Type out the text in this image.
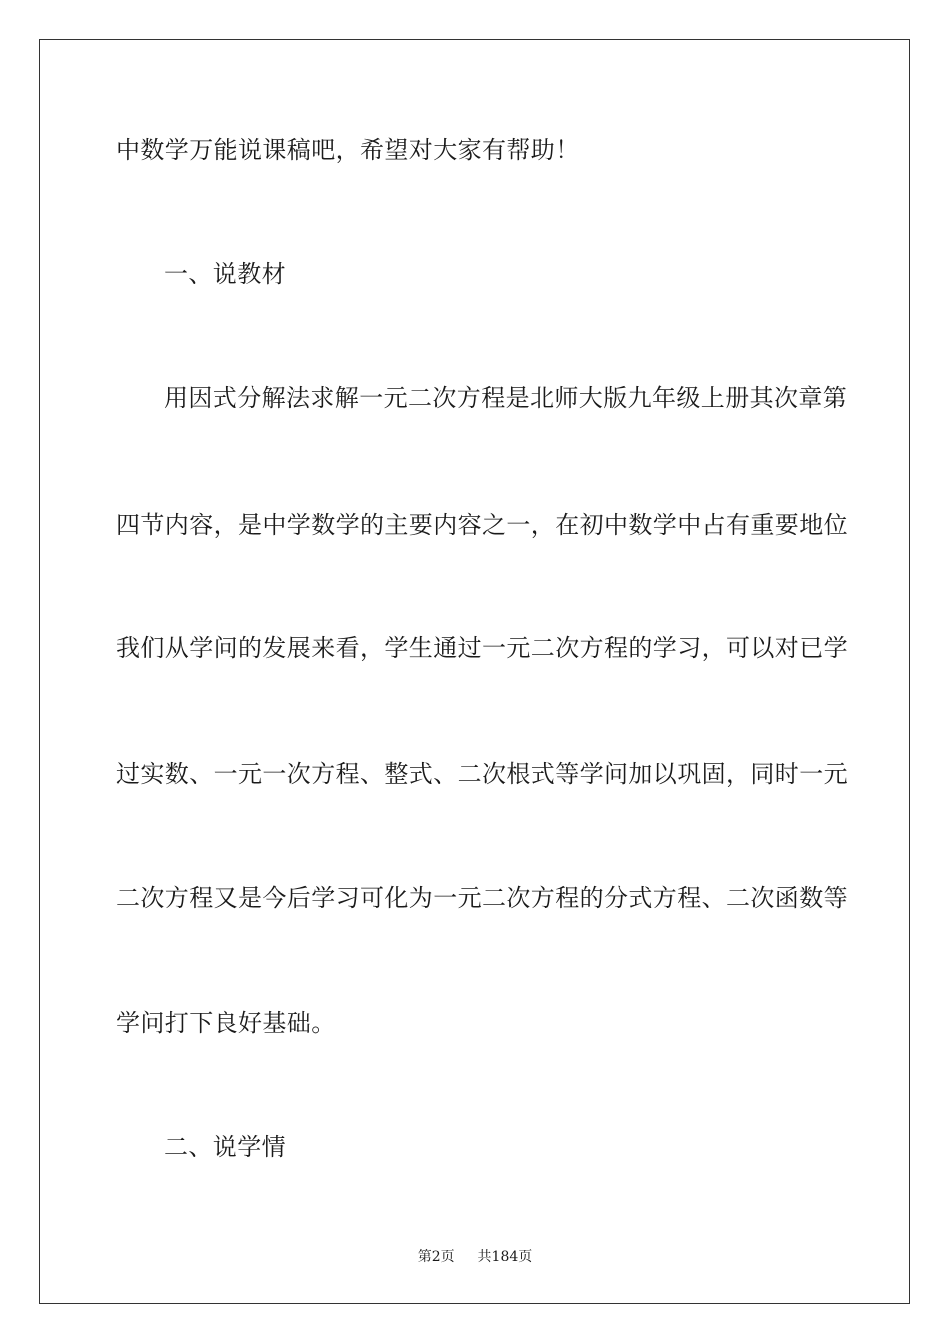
中数学万能说课稿吧，希望对大家有帮助！
一、说教材
用因式分解法求解一元二次方程是北师大版九年级上册其次章第
四节内容，是中学数学的主要内容之一，在初中数学中占有重要地位
我们从学问的发展来看，学生通过一元二次方程的学习，可以对已学
过实数、一元一次方程、整式、二次根式等学问加以巩固，同时一元
二次方程又是今后学习可化为一元二次方程的分式方程、二次函数等
学问打下良好基础。
二、说学情
第2页 共184页
